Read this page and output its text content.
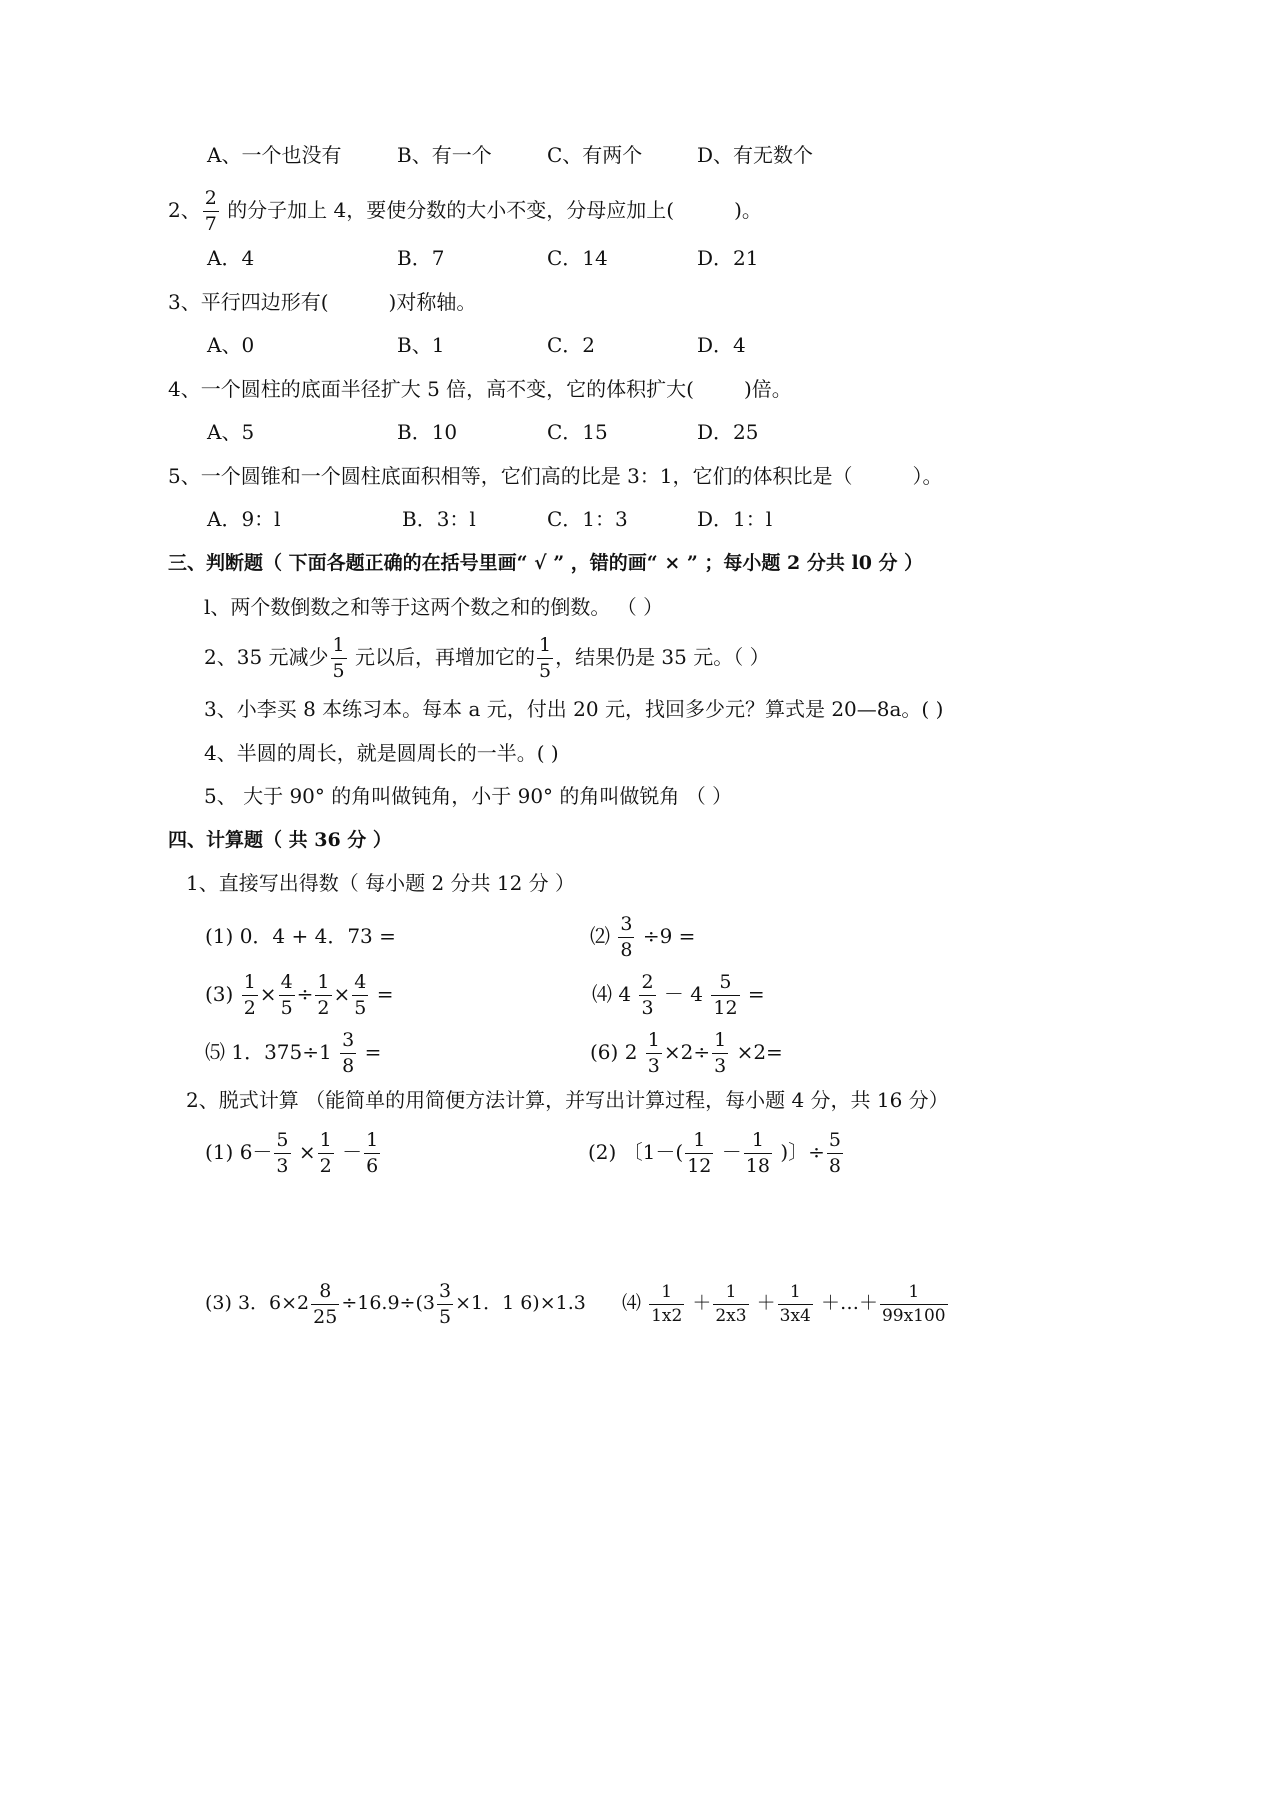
A、一个也没有	B、有一个	C、有两个	D、有无数个
2、 $\frac{2}{7}$ 的分子加上 4，要使分数的大小不变，分母应加上(	)。
A．4	B．7	C．14	D．21
3、平行四边形有(	)对称轴。
A、0	B、1	C．2	D．4
4、一个圆柱的底面半径扩大 5 倍，高不变，它的体积扩大(	)倍。
A、5	B．10	C．15	D．25
5、一个圆锥和一个圆柱底面积相等，它们高的比是 3：1，它们的体积比是（	）。
A．9：l	B．3：l	C．1：3	D．1：l
三、判断题（ 下面各题正确的在括号里画“ √ ” ，错的画“ × ” ；每小题 2 分共 l0 分 ）
l、两个数倒数之和等于这两个数之和的倒数。 （ ）
2、35 元减少 $\frac{1}{5}$ 元以后，再增加它的 $\frac{1}{5}$ ，结果仍是 35 元。（ ）
3、小李买 8 本练习本。每本 a 元，付出 20 元，找回多少元？算式是 20—8a。( )
4、半圆的周长，就是圆周长的一半。( )
5、 大于 90° 的角叫做钝角，小于 90° 的角叫做锐角 （ ）
四、计算题（ 共 36 分 ）
1、直接写出得数（ 每小题 2 分共 12 分 ）
(1) 0．4 + 4．73 =	⑵ $\frac{3}{8} \div 9$ =
$(3) \frac{1}{2} \times \frac{4}{5} \div \frac{1}{2} \times \frac{4}{5}$ =	⑷ $4 \frac{2}{3} - 4 \frac{5}{12}$ =
⑸ 1．$375\div 1 \frac{3}{8}$ =	(6) $2 \frac{1}{3} \times 2\div \frac{1}{3} \times 2=$
2、脱式计算 （能简单的用简便方法计算，并写出计算过程，每小题 4 分，共 16 分）
(1) $6- \frac{5}{3} \times \frac{1}{2} - \frac{1}{6}$	(2) 〔$1-( \frac{1}{12} - \frac{1}{18}$ )〕÷ $\frac{5}{8}$
(3) 3．$6\times 2 \frac{8}{25} \div 16.9\div(3 \frac{3}{5} \times 1$．1 6)×1.3 ⑷ $\frac{1}{1x2} + \frac{1}{2x3} + \frac{1}{3x4}$ ＋…＋ $\frac{1}{99x100}$
